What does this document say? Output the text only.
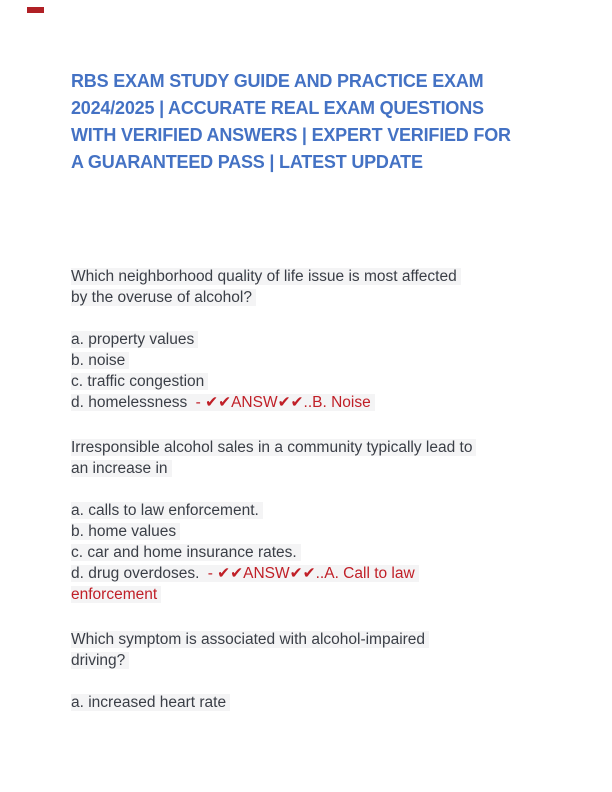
RBS EXAM STUDY GUIDE AND PRACTICE EXAM
2024/2025 | ACCURATE REAL EXAM QUESTIONS
WITH VERIFIED ANSWERS | EXPERT VERIFIED FOR
A GUARANTEED PASS | LATEST UPDATE

Which neighborhood quality of life issue is most affected

by the overuse of alcohol?

a. property values

b. noise

c. traffic congestion

d. homelessness - ✔✔ANSW✔✔..B. Noise

Irresponsible alcohol sales in a community typically lead to

an increase in

a. calls to law enforcement.

b. home values

c. car and home insurance rates.

d. drug overdoses. - ✔✔ANSW✔✔..A. Call to law

enforcement

Which symptom is associated with alcohol-impaired

driving?

a. increased heart rate
